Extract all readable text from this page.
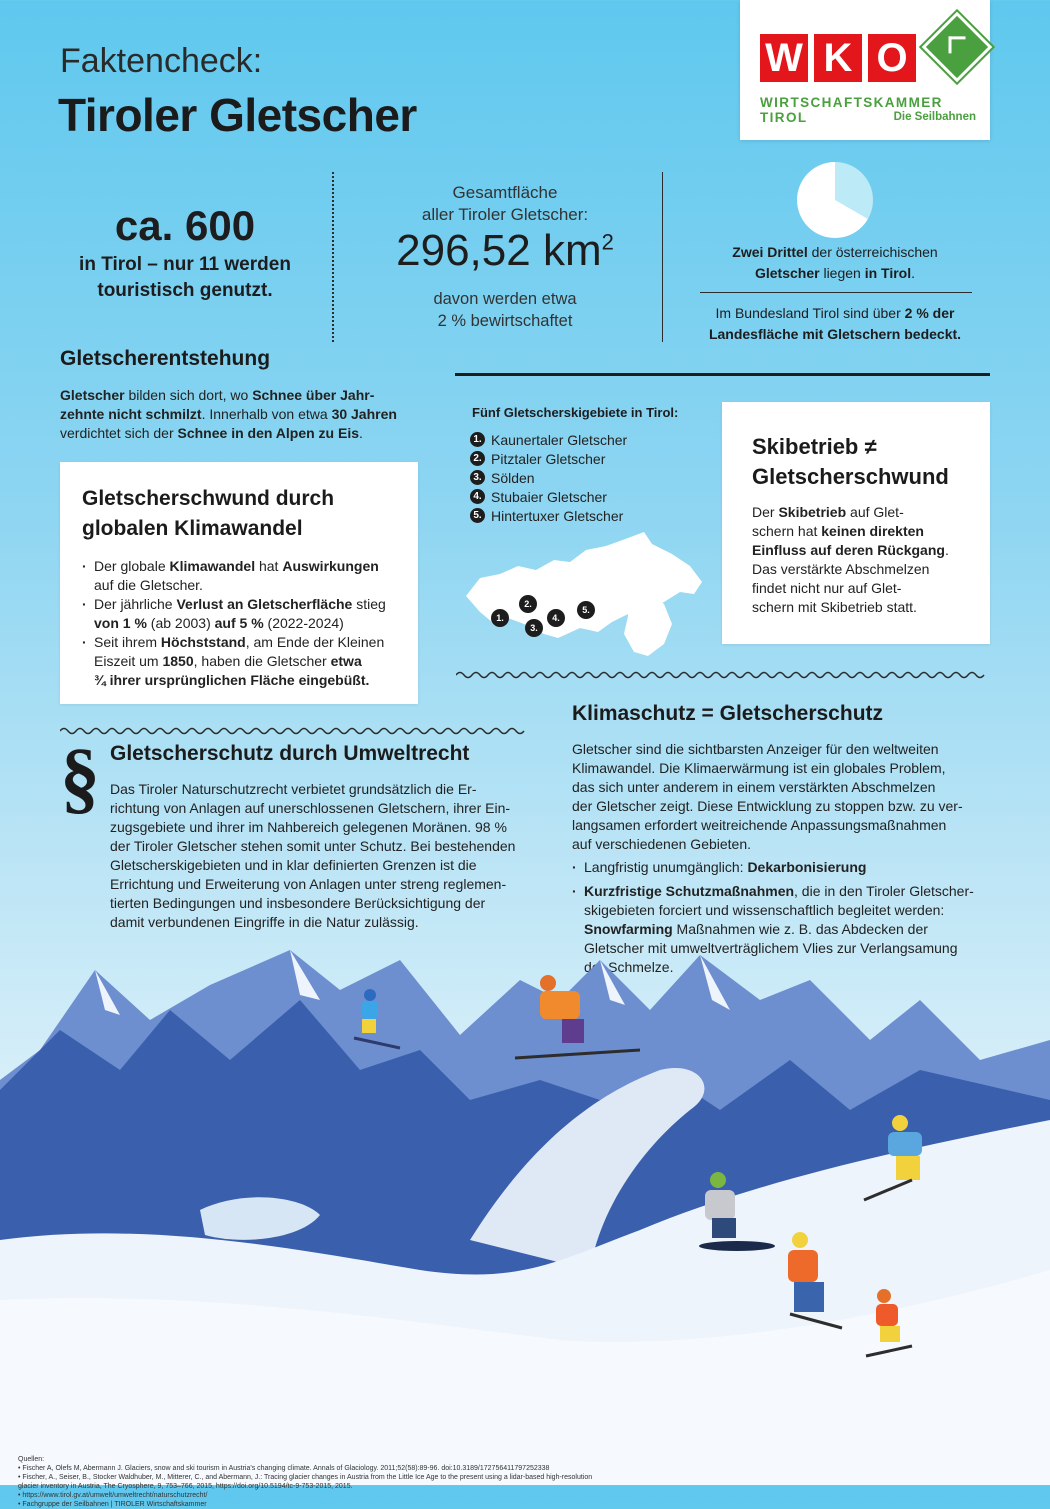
Faktencheck:
Tiroler Gletscher
W K O
WIRTSCHAFTSKAMMER TIROL	Die Seilbahnen
ca. 600
in Tirol – nur 11 werden
touristisch genutzt.
Gesamtfläche
aller Tiroler Gletscher:
296,52 $km^2$
davon werden etwa
2 % bewirtschaftet
Zwei Drittel der österreichischen
Gletscher liegen in Tirol.
Im Bundesland Tirol sind über 2 % der
Landesfläche mit Gletschern bedeckt.
Gletscherentstehung
Gletscher bilden sich dort, wo Schnee über Jahr-
zehnte nicht schmilzt. Innerhalb von etwa 30 Jahren
verdichtet sich der Schnee in den Alpen zu Eis.
Gletscherschwund durch
globalen Klimawandel
· Der globale Klimawandel hat Auswirkungen
auf die Gletscher.
· Der jährliche Verlust an Gletscherfläche stieg
von 1 % (ab 2003) auf 5 % (2022-2024)
· Seit ihrem Höchststand, am Ende der Kleinen
Eiszeit um 1850, haben die Gletscher etwa
¾ ihrer ursprünglichen Fläche eingebüßt.
Fünf Gletscherskigebiete in Tirol:
1. Kaunertaler Gletscher
2. Pitztaler Gletscher
3. Sölden
4. Stubaier Gletscher
5. Hintertuxer Gletscher
1.
2.
3.
4.
5.
Skibetrieb ≠
Gletscherschwund
Der Skibetrieb auf Glet-
schern hat keinen direkten
Einfluss auf deren Rückgang.
Das verstärkte Abschmelzen
findet nicht nur auf Glet-
schern mit Skibetrieb statt.
Klimaschutz = Gletscherschutz
Gletscher sind die sichtbarsten Anzeiger für den weltweiten
Klimawandel. Die Klimaerwärmung ist ein globales Problem,
das sich unter anderem in einem verstärkten Abschmelzen
der Gletscher zeigt. Diese Entwicklung zu stoppen bzw. zu ver-
langsamen erfordert weitreichende Anpassungsmaßnahmen
auf verschiedenen Gebieten.
· Langfristig unumgänglich: Dekarbonisierung
· Kurzfristige Schutzmaßnahmen, die in den Tiroler Gletscher-
skigebieten forciert und wissenschaftlich begleitet werden:
Snowfarming Maßnahmen wie z. B. das Abdecken der
Gletscher mit umweltverträglichem Vlies zur Verlangsamung
der Schmelze.
§ Gletscherschutz durch Umweltrecht
Das Tiroler Naturschutzrecht verbietet grundsätzlich die Er-
richtung von Anlagen auf unerschlossenen Gletschern, ihrer Ein-
zugsgebiete und ihrer im Nahbereich gelegenen Moränen. 98 %
der Tiroler Gletscher stehen somit unter Schutz. Bei bestehenden
Gletscherskigebieten und in klar definierten Grenzen ist die
Errichtung und Erweiterung von Anlagen unter streng reglemen-
tierten Bedingungen und insbesondere Berücksichtigung der
damit verbundenen Eingriffe in die Natur zulässig.
Quellen:
• Fischer A, Olefs M, Abermann J. Glaciers, snow and ski tourism in Austria's changing climate. Annals of Glaciology. 2011;52(58):89-96. doi:10.3189/172756411797252338
• Fischer, A., Seiser, B., Stocker Waldhuber, M., Mitterer, C., and Abermann, J.: Tracing glacier changes in Austria from the Little Ice Age to the present using a lidar-based high-resolution
glacier inventory in Austria, The Cryosphere, 9, 753–766, 2015, https://doi.org/10.5194/tc-9-753-2015, 2015.
• https://www.tirol.gv.at/umwelt/umweltrecht/naturschutzrecht/
• Fachgruppe der Seilbahnen | TIROLER Wirtschaftskammer
